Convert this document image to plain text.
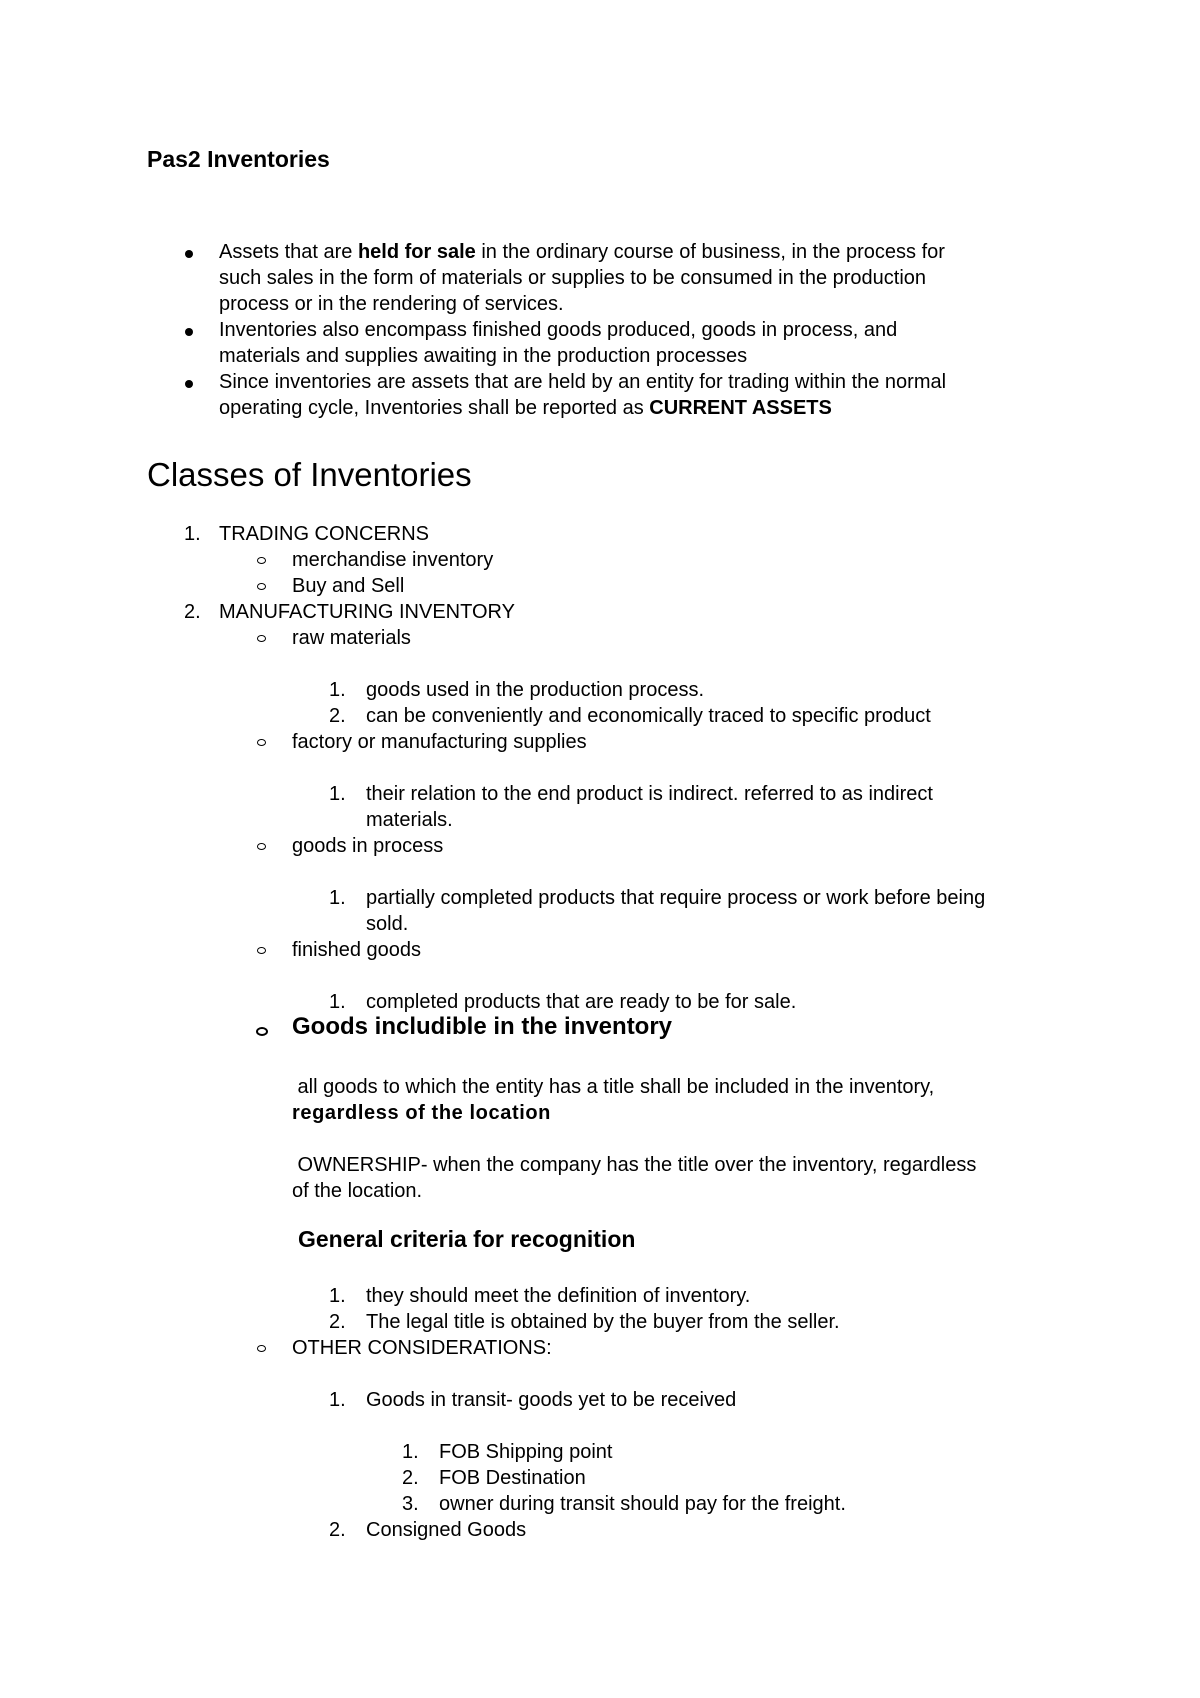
Pas2 Inventories
Assets that are held for sale in the ordinary course of business, in the process for
such sales in the form of materials or supplies to be consumed in the production
process or in the rendering of services.
Inventories also encompass finished goods produced, goods in process, and
materials and supplies awaiting in the production processes
Since inventories are assets that are held by an entity for trading within the normal
operating cycle, Inventories shall be reported as CURRENT ASSETS
Classes of Inventories
1. TRADING CONCERNS
merchandise inventory
Buy and Sell
2. MANUFACTURING INVENTORY
raw materials
1. goods used in the production process.
2. can be conveniently and economically traced to specific product
factory or manufacturing supplies
1. their relation to the end product is indirect. referred to as indirect
materials.
goods in process
1. partially completed products that require process or work before being
sold.
finished goods
1. completed products that are ready to be for sale.
Goods includible in the inventory
all goods to which the entity has a title shall be included in the inventory,
regardless of the location
OWNERSHIP- when the company has the title over the inventory, regardless
of the location.
General criteria for recognition
1. they should meet the definition of inventory.
2. The legal title is obtained by the buyer from the seller.
OTHER CONSIDERATIONS:
1. Goods in transit- goods yet to be received
1. FOB Shipping point
2. FOB Destination
3. owner during transit should pay for the freight.
2. Consigned Goods
